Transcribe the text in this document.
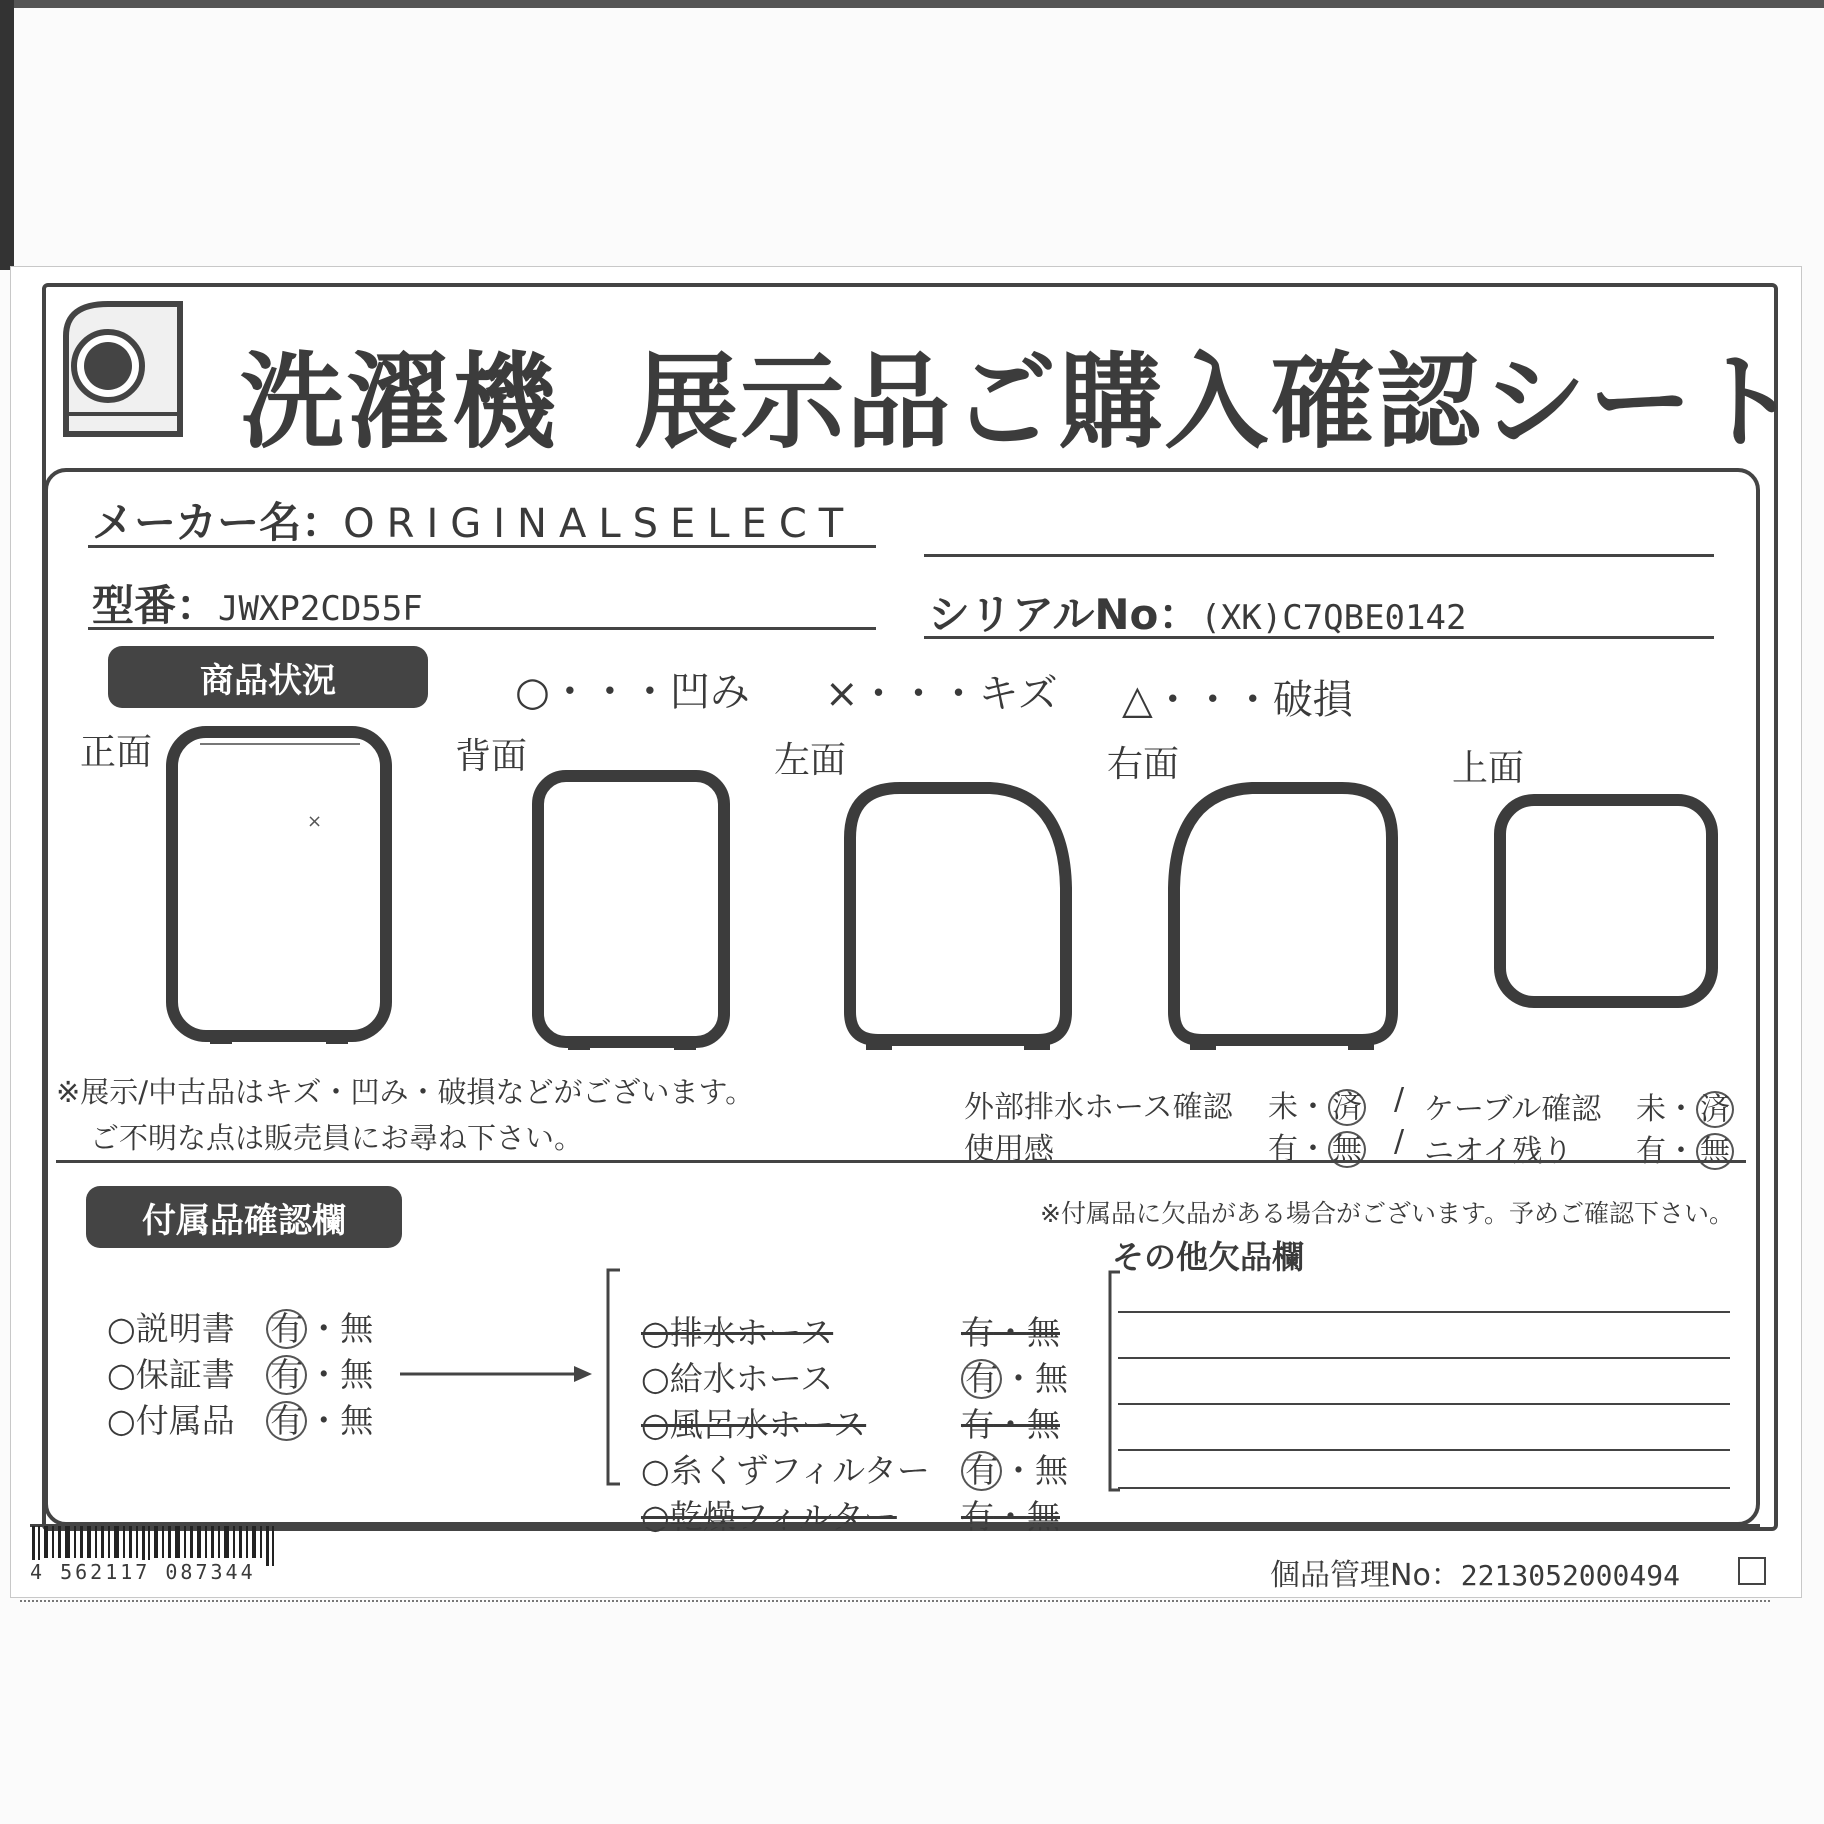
洗濯機  展示品ご購入確認シート
メーカー名：ORIGINALSELECT
型番：JWXP2CD55F	シリアルNo：(XK)C7QBE0142
商品状況	○・・・凹み ×・・・キズ △・・・破損
正面	背面	左面	右面	上面
×
※展示/中古品はキズ・凹み・破損などがございます。
ご不明な点は販売員にお尋ね下さい。
外部排水ホース確認 未・ 済 / ケーブル確認 未・ 済
使用感	有・ 無 / ニオイ残り 有・ 無
付属品確認欄	※付属品に欠品がある場合がございます。予めご確認下さい。
その他欠品欄

○説明書 有 ・無

○保証書 有 ・無

○付属品 有 ・無

○排水ホース	有・無

○給水ホース	有 ・無

○風呂水ホース	有・無

○糸くずフィルター 有 ・無

○乾燥フィルター 有・無

4 562117 087344	個品管理No：2213052000494
